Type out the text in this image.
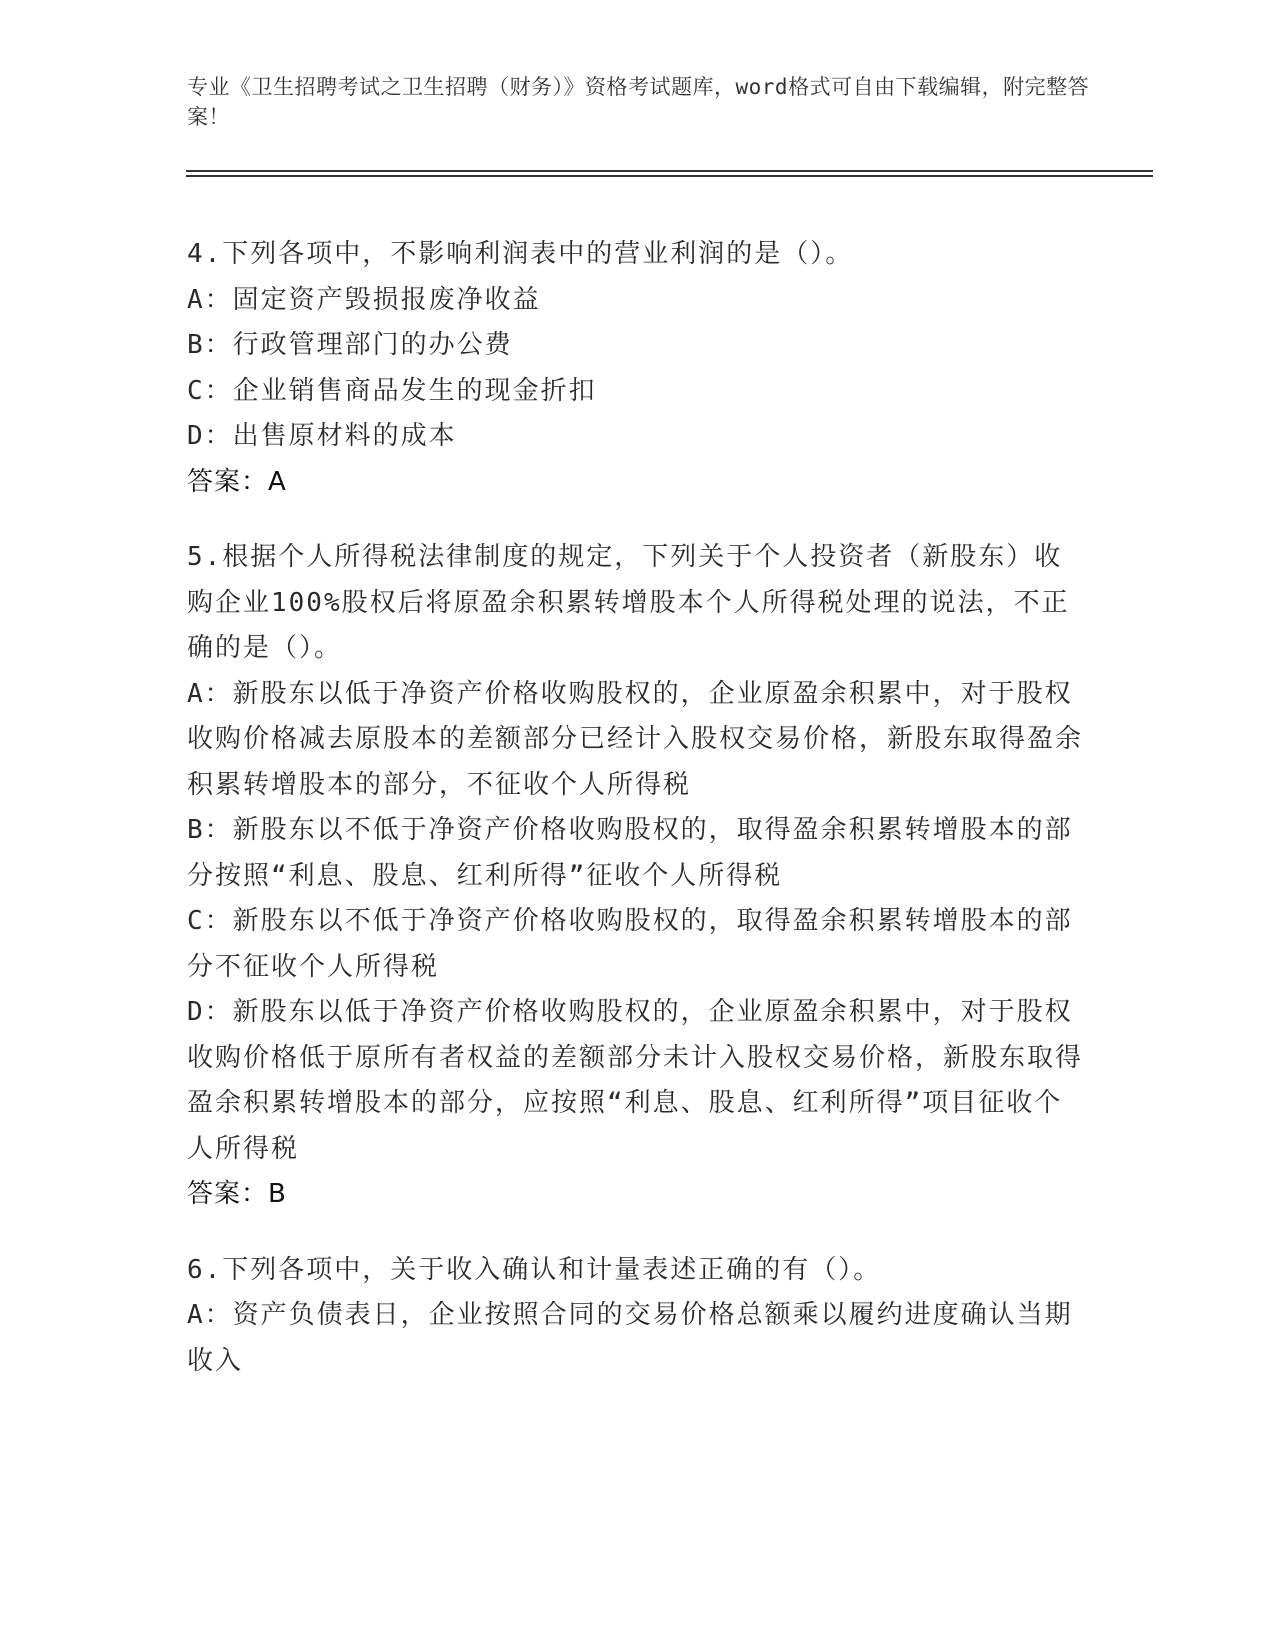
专业《卫生招聘考试之卫生招聘（财务）》资格考试题库，word格式可自由下载编辑，附完整答案！
4.下列各项中，不影响利润表中的营业利润的是（）。
A：固定资产毁损报废净收益
B：行政管理部门的办公费
C：企业销售商品发生的现金折扣
D：出售原材料的成本
答案：A
5.根据个人所得税法律制度的规定，下列关于个人投资者（新股东）收购企业100%股权后将原盈余积累转增股本个人所得税处理的说法，不正确的是（）。
A：新股东以低于净资产价格收购股权的，企业原盈余积累中，对于股权收购价格减去原股本的差额部分已经计入股权交易价格，新股东取得盈余积累转增股本的部分，不征收个人所得税
B：新股东以不低于净资产价格收购股权的，取得盈余积累转增股本的部分按照“利息、股息、红利所得”征收个人所得税
C：新股东以不低于净资产价格收购股权的，取得盈余积累转增股本的部分不征收个人所得税
D：新股东以低于净资产价格收购股权的，企业原盈余积累中，对于股权收购价格低于原所有者权益的差额部分未计入股权交易价格，新股东取得盈余积累转增股本的部分，应按照“利息、股息、红利所得”项目征收个人所得税
答案：B
6.下列各项中，关于收入确认和计量表述正确的有（）。
A：资产负债表日，企业按照合同的交易价格总额乘以履约进度确认当期收入
